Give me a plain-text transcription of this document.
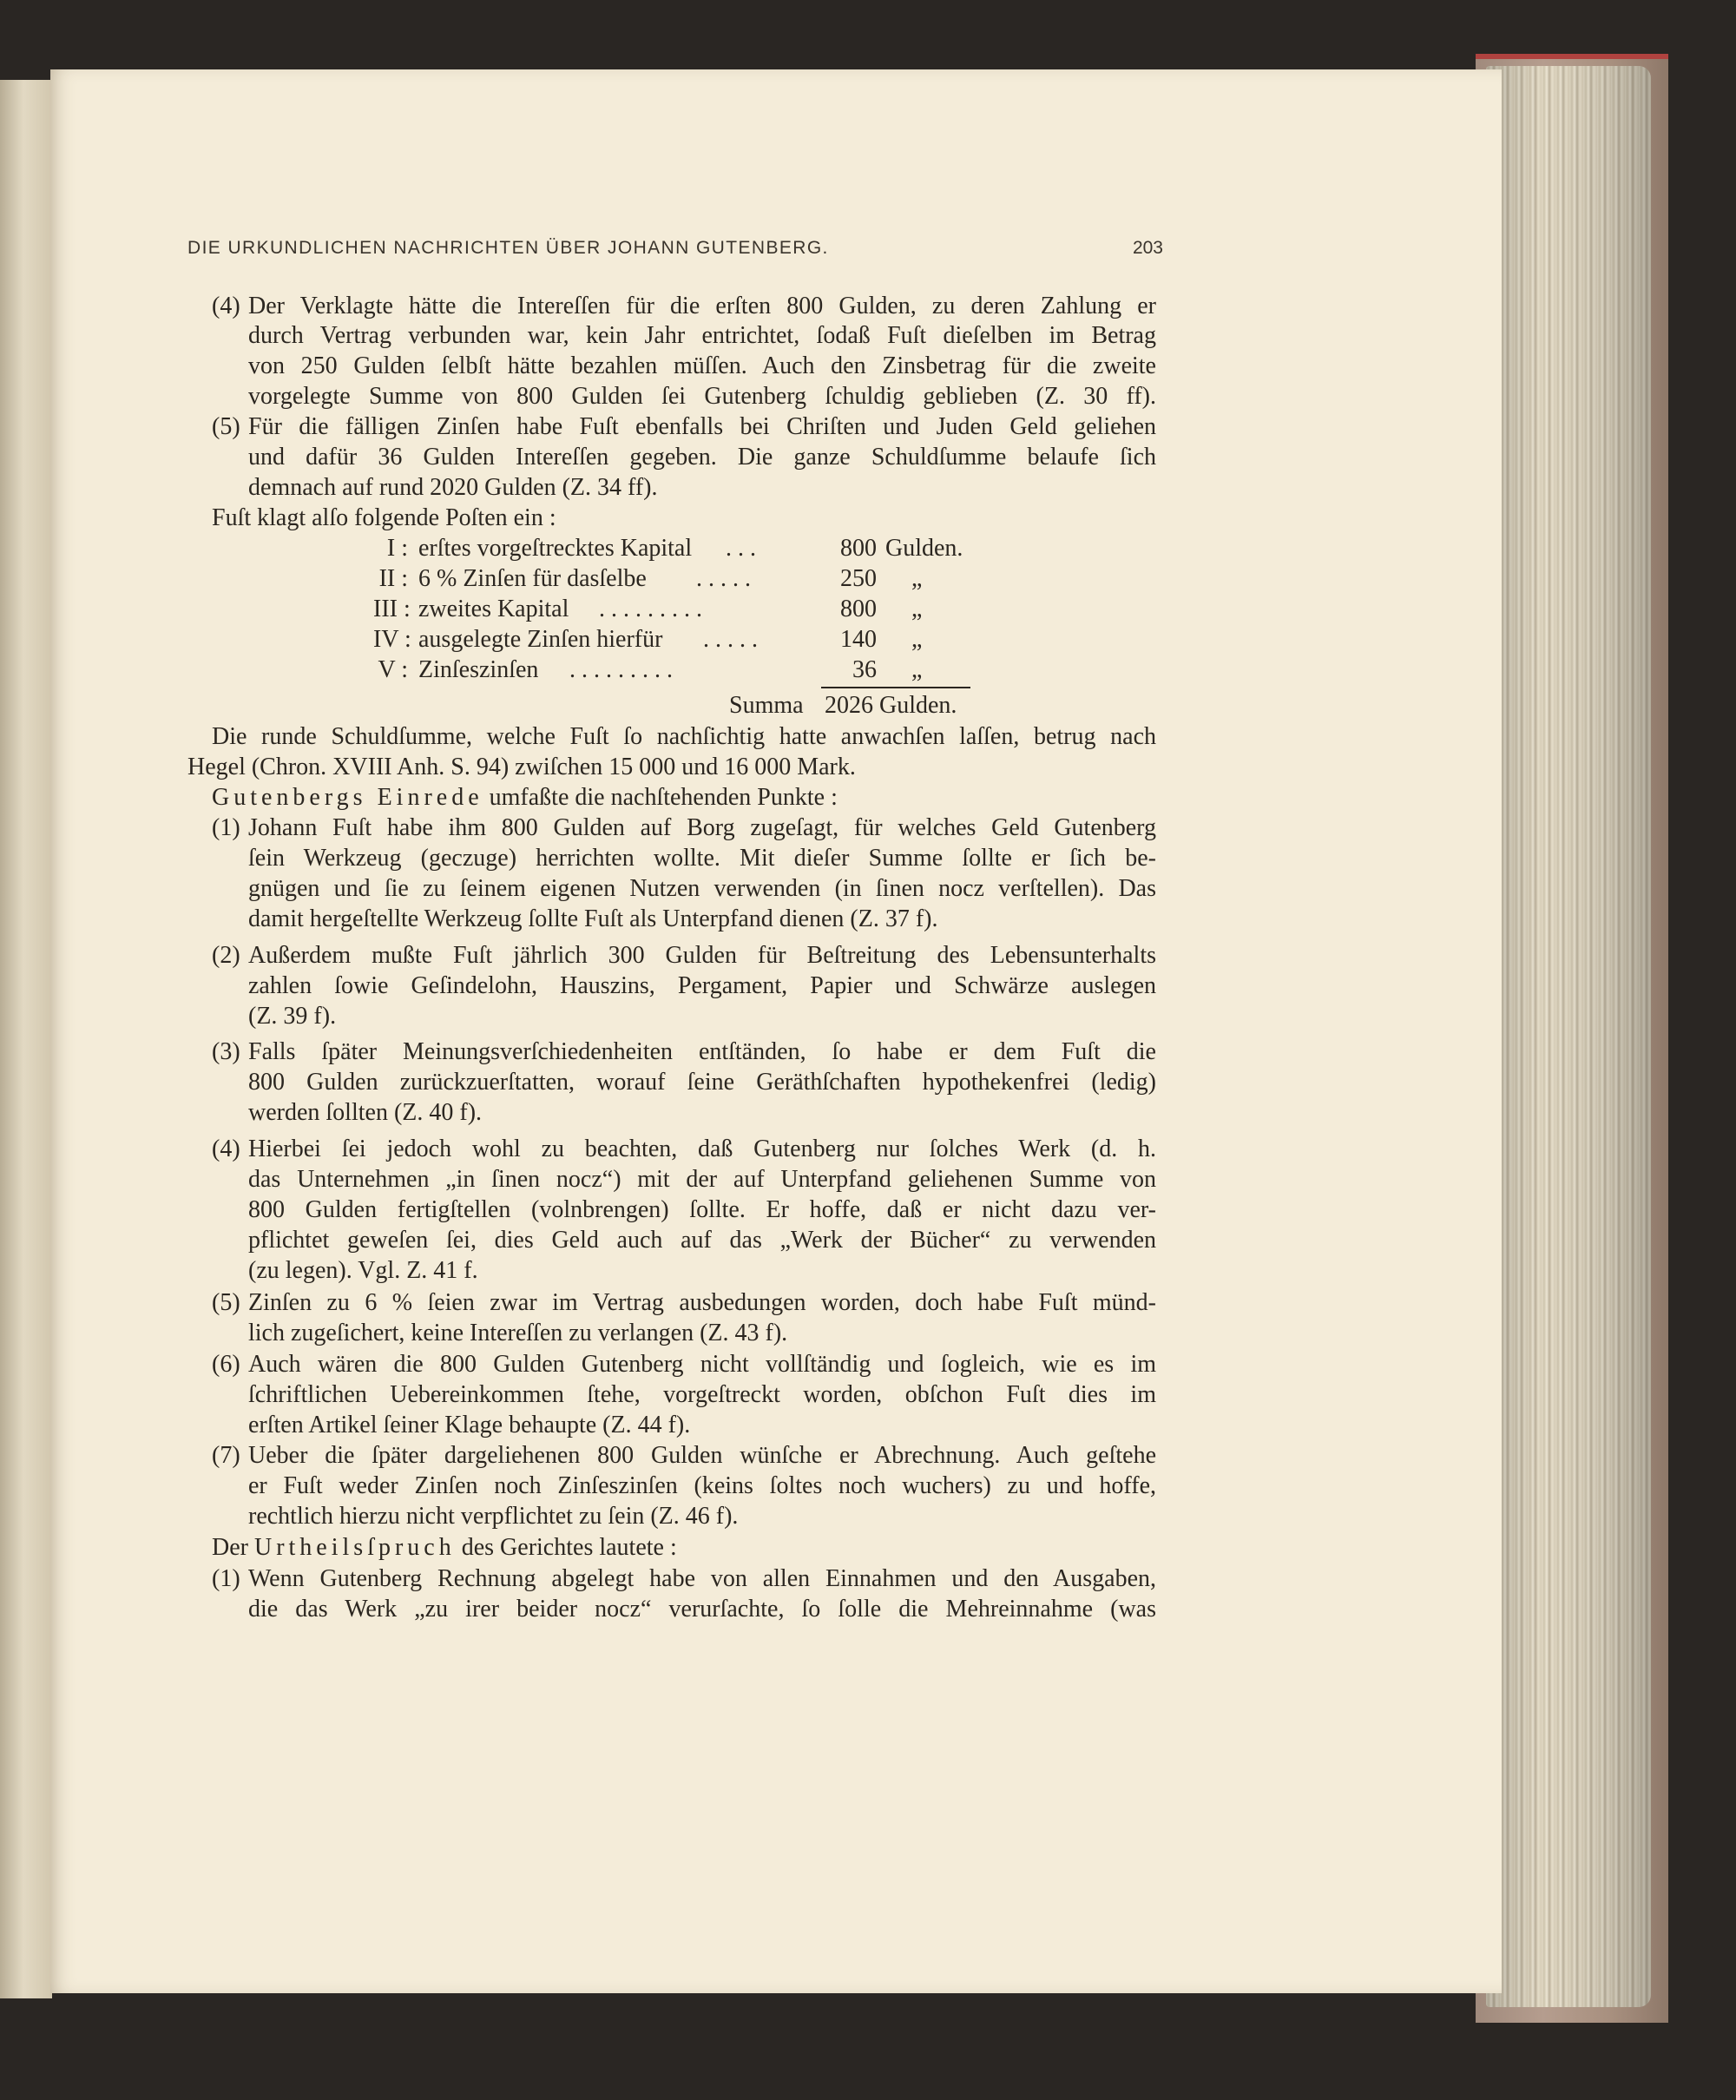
DIE URKUNDLICHEN NACHRICHTEN ÜBER JOHANN GUTENBERG.	203
(4) Der Verklagte hätte die Intereſſen für die erſten 800 Gulden, zu deren Zahlung er
durch Vertrag verbunden war, kein Jahr entrichtet, ſodaß Fuſt dieſelben im Betrag
von 250 Gulden ſelbſt hätte bezahlen müſſen. Auch den Zinsbetrag für die zweite
vorgelegte Summe von 800 Gulden ſei Gutenberg ſchuldig geblieben (Z. 30 ff).
(5) Für die fälligen Zinſen habe Fuſt ebenfalls bei Chriſten und Juden Geld geliehen
und dafür 36 Gulden Intereſſen gegeben. Die ganze Schuldſumme belaufe ſich
demnach auf rund 2020 Gulden (Z. 34 ff).
Fuſt klagt alſo folgende Poſten ein :
I : erſtes vorgeſtrecktes Kapital . . .	800 Gulden.
II : 6 % Zinſen für dasſelbe . . . . .	250 „
III : zweites Kapital . . . . . . . . .	800 „
IV : ausgelegte Zinſen hierfür . . . . .	140 „
V : Zinſeszinſen . . . . . . . . .	36 „
Summa 2026 Gulden.
Die runde Schuldſumme, welche Fuſt ſo nachſichtig hatte anwachſen laſſen, betrug nach
Hegel (Chron. XVIII Anh. S. 94) zwiſchen 15 000 und 16 000 Mark.
Gutenbergs Einrede umfaßte die nachſtehenden Punkte :
(1) Johann Fuſt habe ihm 800 Gulden auf Borg zugeſagt, für welches Geld Gutenberg
ſein Werkzeug (geczuge) herrichten wollte. Mit dieſer Summe ſollte er ſich be-
gnügen und ſie zu ſeinem eigenen Nutzen verwenden (in ſinen nocz verſtellen). Das
damit hergeſtellte Werkzeug ſollte Fuſt als Unterpfand dienen (Z. 37 f).
(2) Außerdem mußte Fuſt jährlich 300 Gulden für Beſtreitung des Lebensunterhalts
zahlen ſowie Geſindelohn, Hauszins, Pergament, Papier und Schwärze auslegen
(Z. 39 f).
(3) Falls ſpäter Meinungsverſchiedenheiten entſtänden, ſo habe er dem Fuſt die
800 Gulden zurückzuerſtatten, worauf ſeine Geräthſchaften hypothekenfrei (ledig)
werden ſollten (Z. 40 f).
(4) Hierbei ſei jedoch wohl zu beachten, daß Gutenberg nur ſolches Werk (d. h.
das Unternehmen „in ſinen nocz“) mit der auf Unterpfand geliehenen Summe von
800 Gulden fertigſtellen (volnbrengen) ſollte. Er hoffe, daß er nicht dazu ver-
pflichtet geweſen ſei, dies Geld auch auf das „Werk der Bücher“ zu verwenden
(zu legen). Vgl. Z. 41 f.
(5) Zinſen zu 6 % ſeien zwar im Vertrag ausbedungen worden, doch habe Fuſt münd-
lich zugeſichert, keine Intereſſen zu verlangen (Z. 43 f).
(6) Auch wären die 800 Gulden Gutenberg nicht vollſtändig und ſogleich, wie es im
ſchriftlichen Uebereinkommen ſtehe, vorgeſtreckt worden, obſchon Fuſt dies im
erſten Artikel ſeiner Klage behaupte (Z. 44 f).
(7) Ueber die ſpäter dargeliehenen 800 Gulden wünſche er Abrechnung. Auch geſtehe
er Fuſt weder Zinſen noch Zinſeszinſen (keins ſoltes noch wuchers) zu und hoffe,
rechtlich hierzu nicht verpflichtet zu ſein (Z. 46 f).
Der Urtheilsſpruch des Gerichtes lautete :
(1) Wenn Gutenberg Rechnung abgelegt habe von allen Einnahmen und den Ausgaben,
die das Werk „zu irer beider nocz“ verurſachte, ſo ſolle die Mehreinnahme (was
